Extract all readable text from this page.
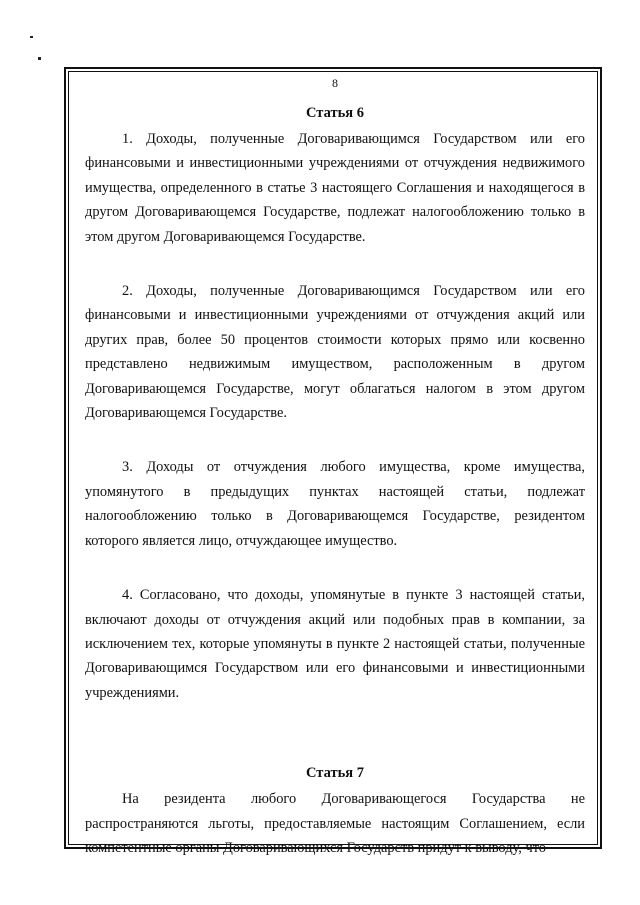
8
Статья 6

1. Доходы, полученные Договаривающимся Государством или его финансовыми и инвестиционными учреждениями от отчуждения недвижимого имущества, определенного в статье 3 настоящего Соглашения и находящегося в другом Договаривающемся Государстве, подлежат налогообложению только в этом другом Договаривающемся Государстве.

2. Доходы, полученные Договаривающимся Государством или его финансовыми и инвестиционными учреждениями от отчуждения акций или других прав, более 50 процентов стоимости которых прямо или косвенно представлено недвижимым имуществом, расположенным в другом Договаривающемся Государстве, могут облагаться налогом в этом другом Договаривающемся Государстве.

3. Доходы от отчуждения любого имущества, кроме имущества, упомянутого в предыдущих пунктах настоящей статьи, подлежат налогообложению только в Договаривающемся Государстве, резидентом которого является лицо, отчуждающее имущество.

4. Согласовано, что доходы, упомянутые в пункте 3 настоящей статьи, включают доходы от отчуждения акций или подобных прав в компании, за исключением тех, которые упомянуты в пункте 2 настоящей статьи, полученные Договаривающимся Государством или его финансовыми и инвестиционными учреждениями.

Статья 7

На резидента любого Договаривающегося Государства не распространяются льготы, предоставляемые настоящим Соглашением, если компетентные органы Договаривающихся Государств придут к выводу, что
